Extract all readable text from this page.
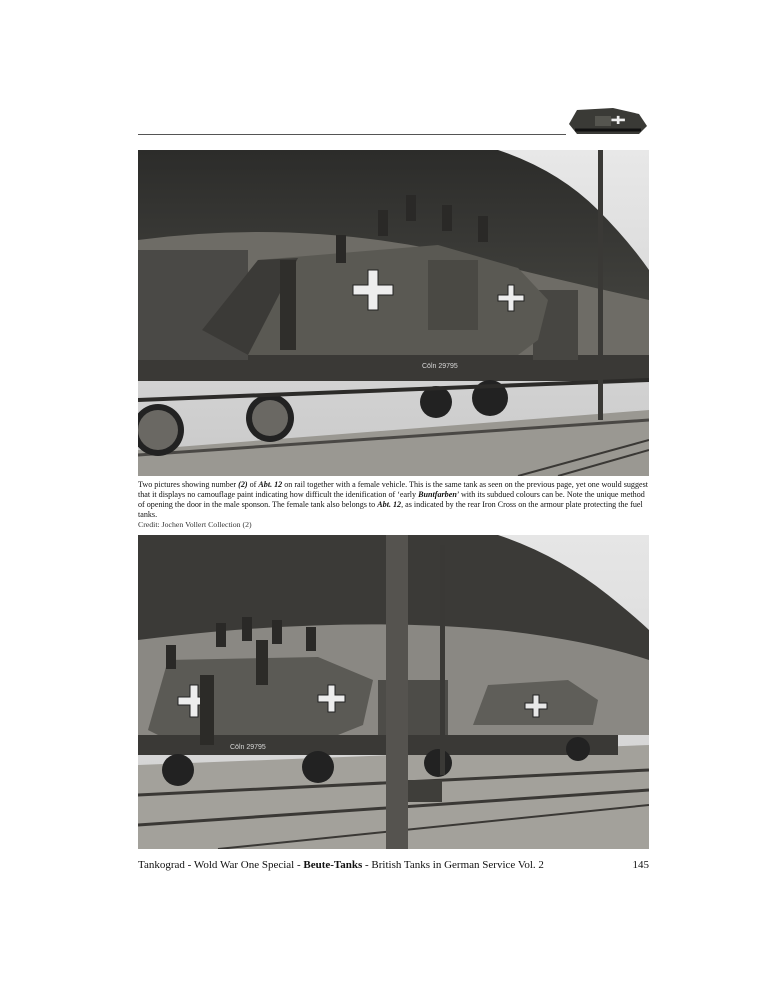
Cöln 29795

Two pictures showing number (2) of Abt. 12 on rail together with a female vehicle. This is the same tank as seen on the previous page, yet one would suggest that it displays no camouflage paint indicating how difficult the idenification of ‘early Buntfarben’ with its subdued colours can be. Note the unique method of opening the door in the male sponson. The female tank also belongs to Abt. 12, as indicated by the rear Iron Cross on the armour plate protecting the fuel tanks.

Credit: Jochen Vollert Collection (2)

Cöln 29795
Tankograd - Wold War One Special - Beute-Tanks - British Tanks in German Service Vol. 2	145
